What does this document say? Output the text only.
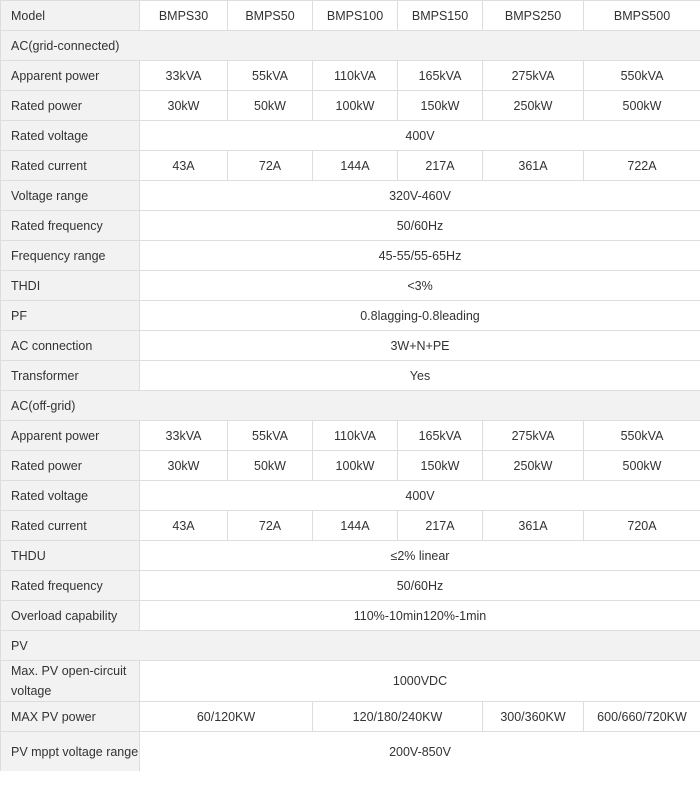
Model	BMPS30	BMPS50	BMPS100	BMPS150	BMPS250	BMPS500
AC(grid-connected)						
Apparent power	33kVA	55kVA	110kVA	165kVA	275kVA	550kVA
Rated power	30kW	50kW	100kW	150kW	250kW	500kW
Rated voltage	400V					
Rated current	43A	72A	144A	217A	361A	722A
Voltage range	320V-460V					
Rated frequency	50/60Hz					
Frequency range	45-55/55-65Hz					
THDI	<3%					
PF	0.8lagging-0.8leading					
AC connection	3W+N+PE					
Transformer	Yes					
AC(off-grid)						
Apparent power	33kVA	55kVA	110kVA	165kVA	275kVA	550kVA
Rated power	30kW	50kW	100kW	150kW	250kW	500kW
Rated voltage	400V					
Rated current	43A	72A	144A	217A	361A	720A
THDU	≤2% linear					
Rated frequency	50/60Hz					
Overload capability	110%-10min120%-1min					
PV						
Max. PV open-circuit voltage	1000VDC					
MAX PV power	60/120KW		120/180/240KW		300/360KW	600/660/720KW
PV mppt voltage range	200V-850V					
